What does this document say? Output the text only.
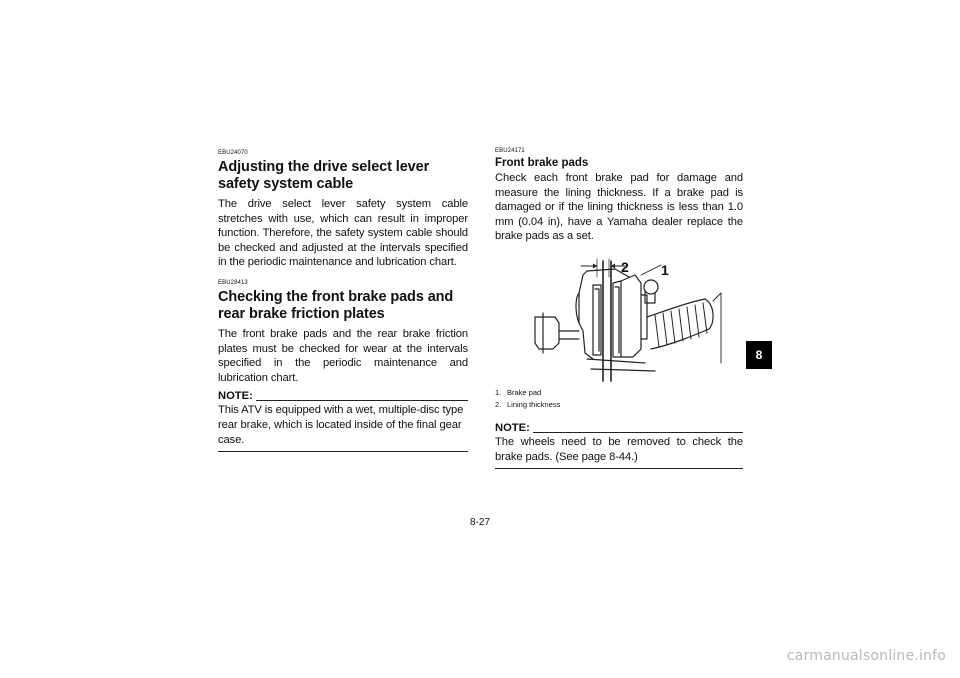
EBU24070

Adjusting the drive select lever safety system cable

The drive select lever safety system cable stretches with use, which can result in improper function. Therefore, the safety system cable should be checked and adjusted at the intervals specified in the periodic maintenance and lubrication chart.

EBU28413

Checking the front brake pads and rear brake friction plates

The front brake pads and the rear brake friction plates must be checked for wear at the intervals specified in the periodic maintenance and lubrication chart.

NOTE:

This ATV is equipped with a wet, multiple-disc type rear brake, which is located inside of the final gear case.

EBU24171

Front brake pads

Check each front brake pad for damage and measure the lining thickness. If a brake pad is damaged or if the lining thickness is less than 1.0 mm (0.04 in), have a Yamaha dealer replace the brake pads as a set.

2 1

1. Brake pad

2. Lining thickness

NOTE:

The wheels need to be removed to check the brake pads. (See page 8-44.)

8
8-27
carmanualsonline.info
